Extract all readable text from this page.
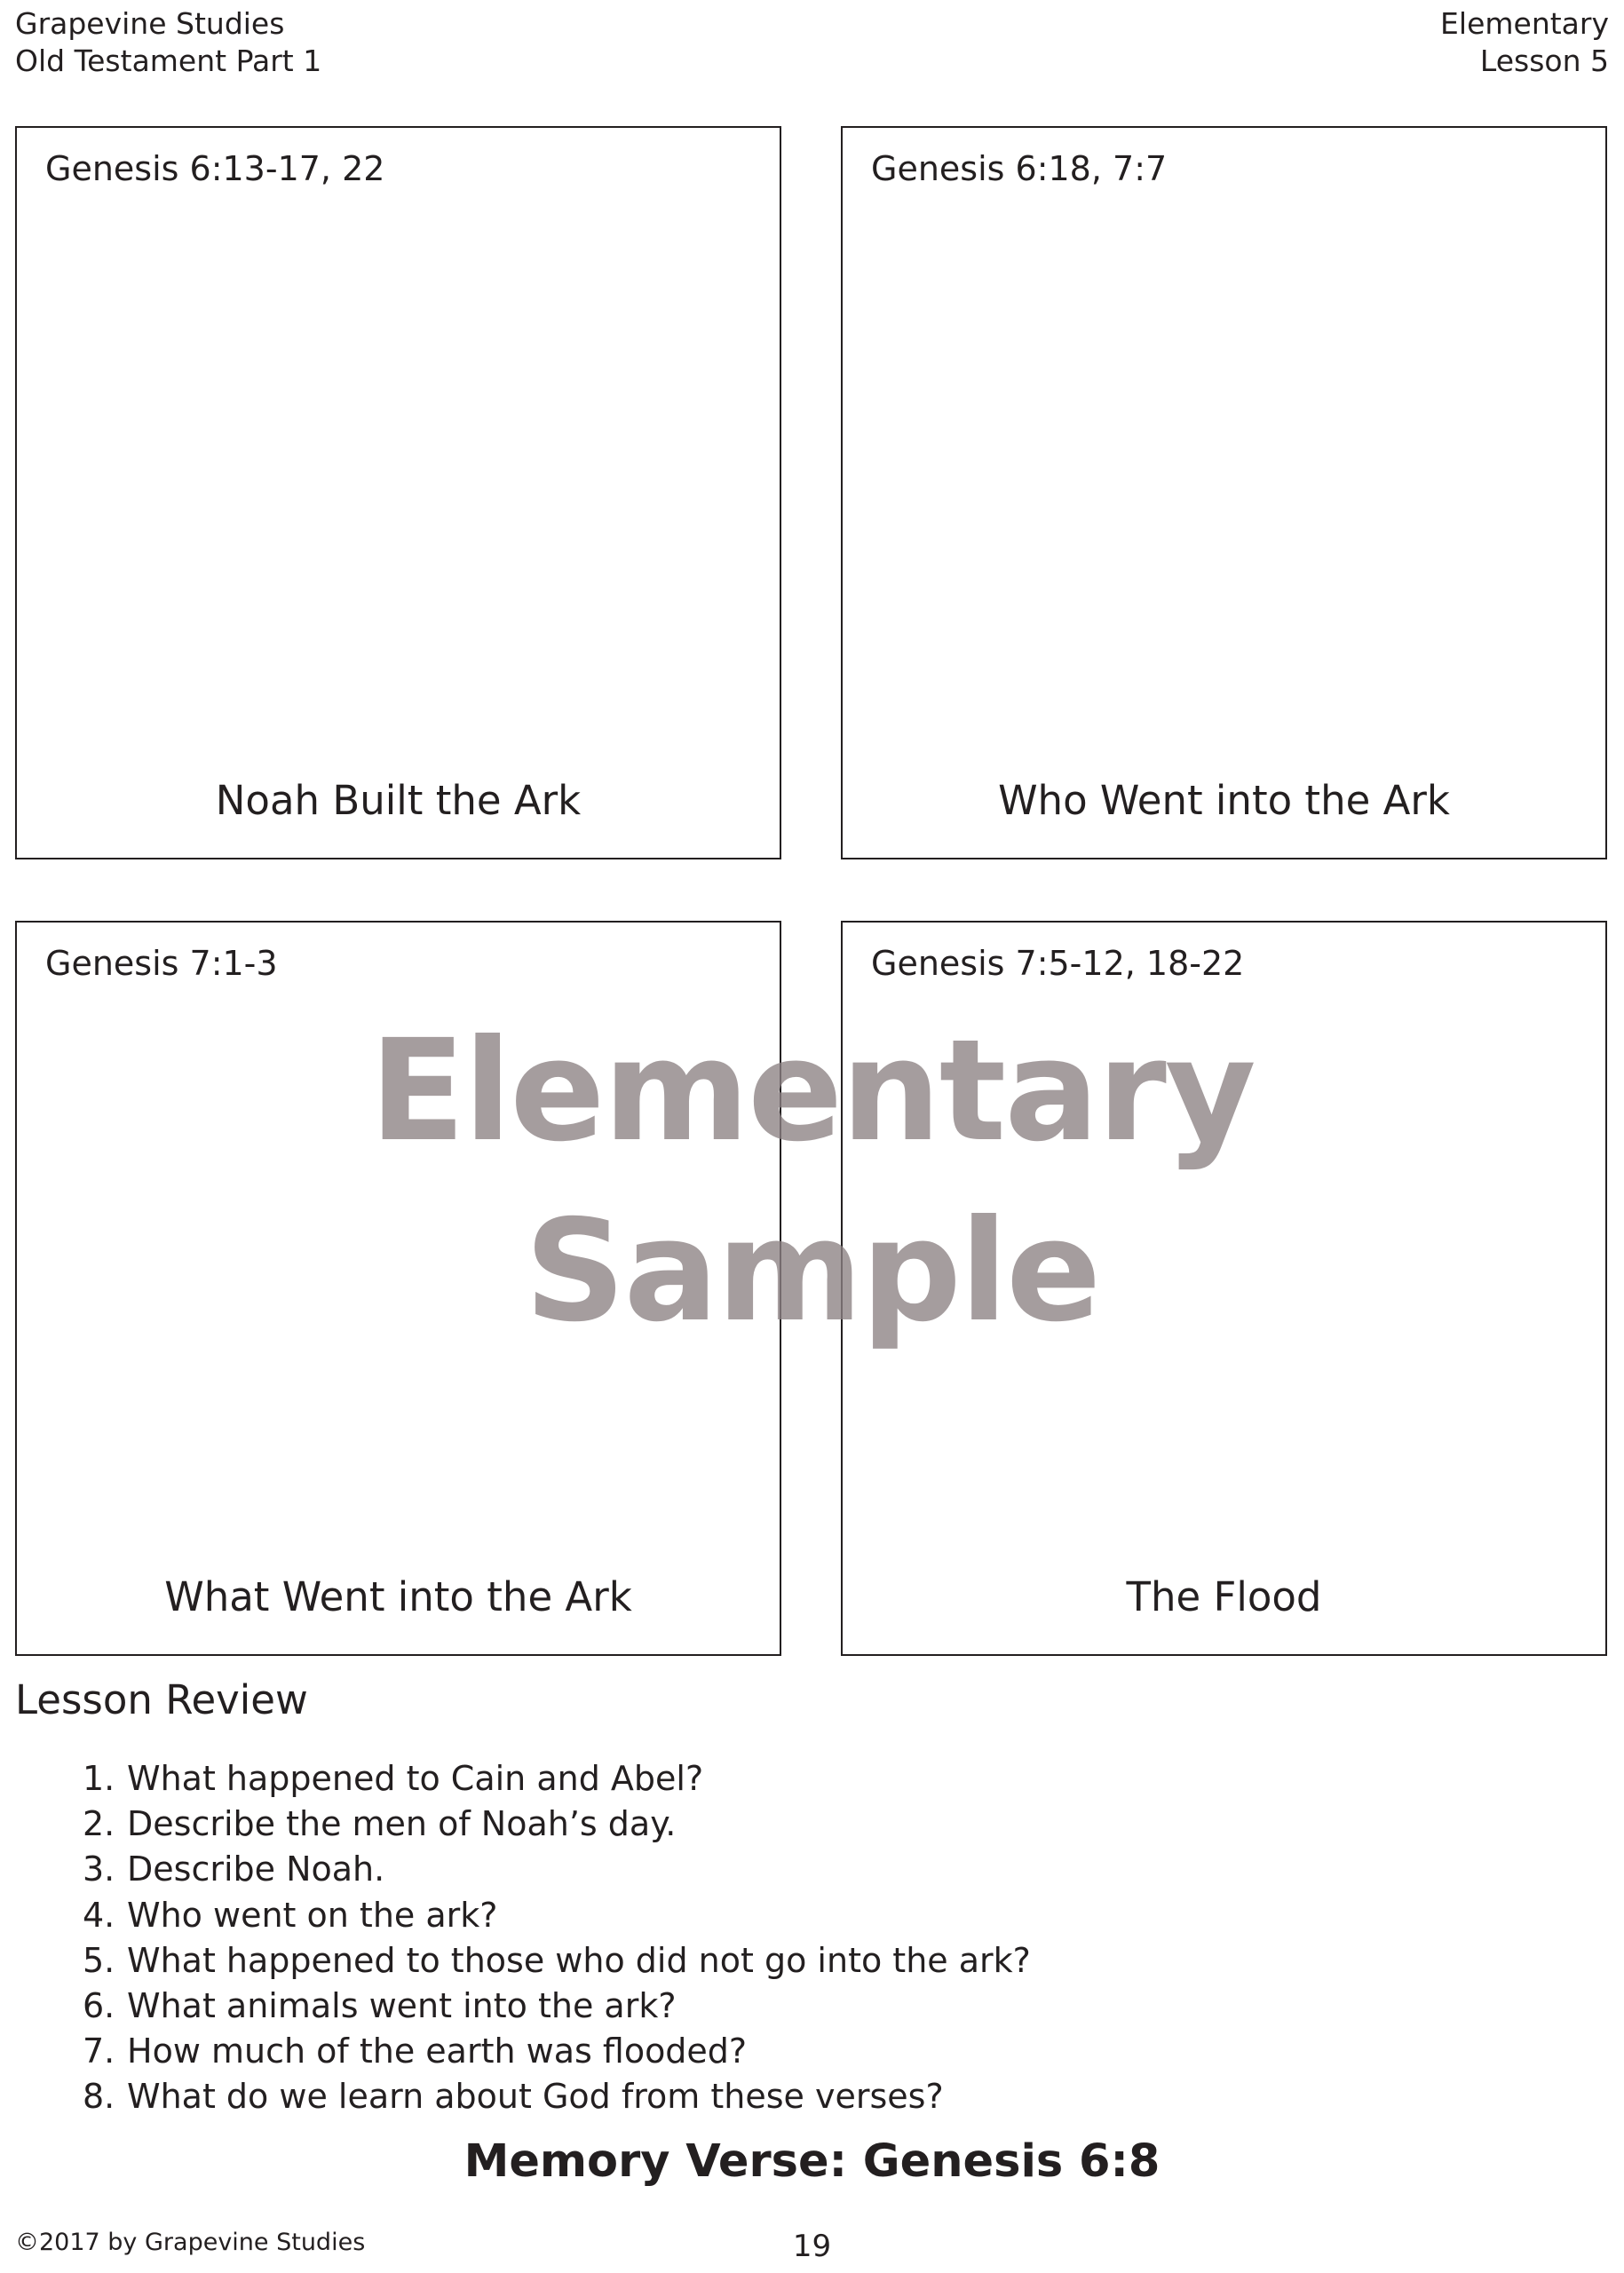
Grapevine Studies
Old Testament Part 1
Elementary
Lesson 5
Genesis 6:13-17, 22
Noah Built the Ark
Genesis 6:18, 7:7
Who Went into the Ark
Genesis 7:1-3
What Went into the Ark
Genesis 7:5-12, 18-22
The Flood
Elementary
Sample
Lesson Review
1. What happened to Cain and Abel?
2. Describe the men of Noah’s day.
3. Describe Noah.
4. Who went on the ark?
5. What happened to those who did not go into the ark?
6. What animals went into the ark?
7. How much of the earth was flooded?
8. What do we learn about God from these verses?
Memory Verse: Genesis 6:8
©2017 by Grapevine Studies	19
